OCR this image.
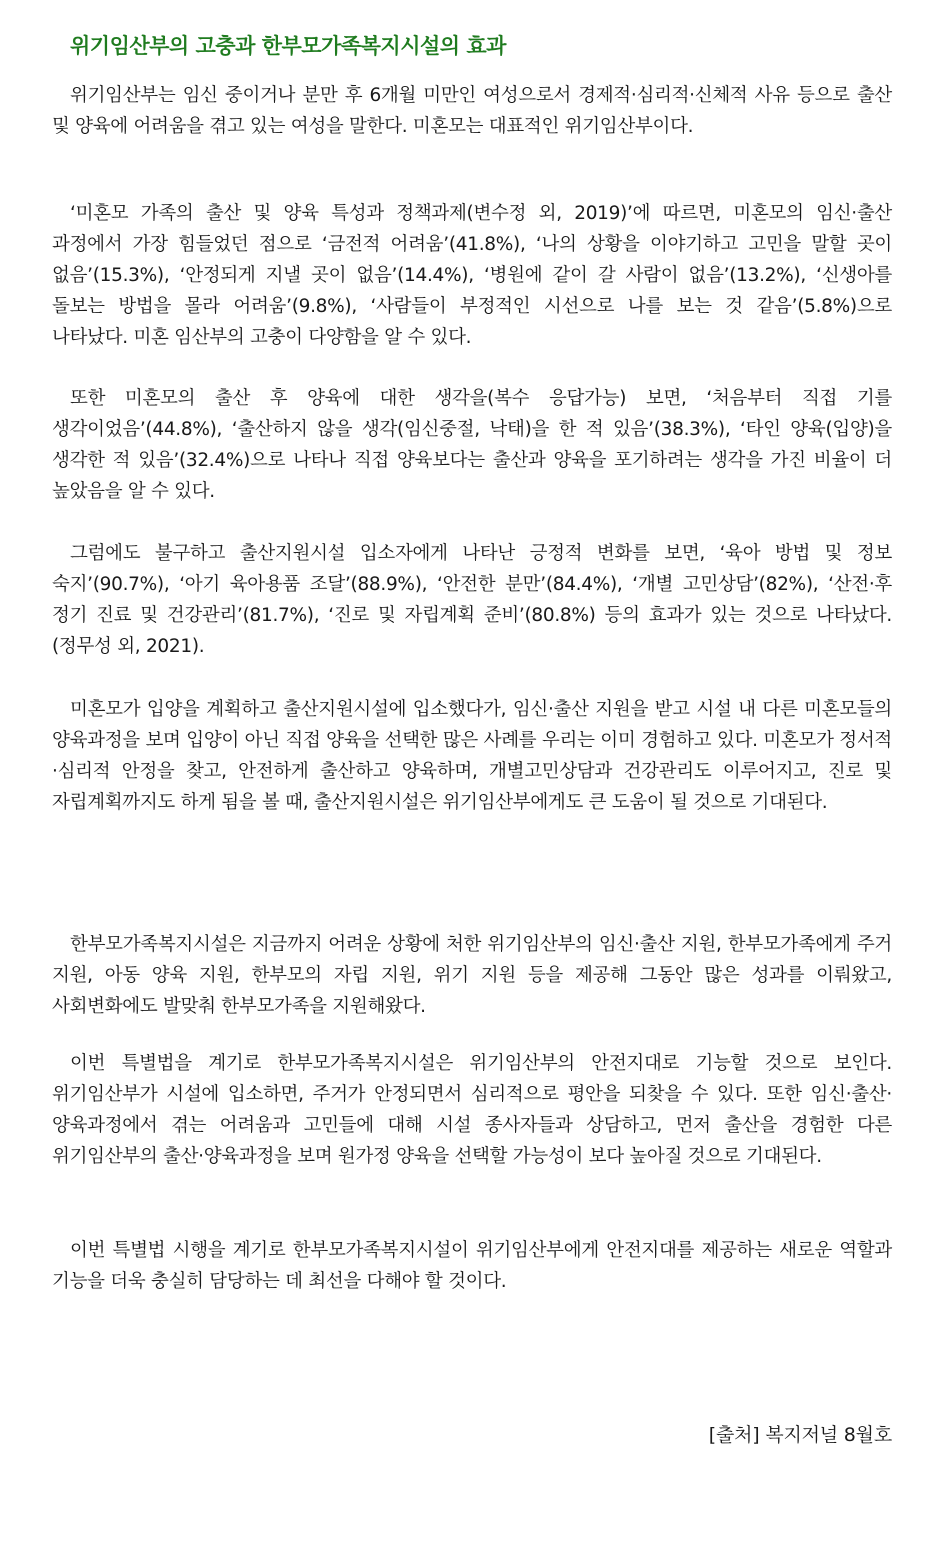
위기임산부의 고충과 한부모가족복지시설의 효과

위기임산부는 임신 중이거나 분만 후 6개월 미만인 여성으로서 경제적·심리적·신체적 사유 등으로 출산 및 양육에 어려움을 겪고 있는 여성을 말한다. 미혼모는 대표적인 위기임산부이다.

‘미혼모 가족의 출산 및 양육 특성과 정책과제(변수정 외, 2019)’에 따르면, 미혼모의 임신·출산 과정에서 가장 힘들었던 점으로 ‘금전적 어려움’(41.8%), ‘나의 상황을 이야기하고 고민을 말할 곳이 없음’(15.3%), ‘안정되게 지낼 곳이 없음’(14.4%), ‘병원에 같이 갈 사람이 없음’(13.2%), ‘신생아를 돌보는 방법을 몰라 어려움’(9.8%), ‘사람들이 부정적인 시선으로 나를 보는 것 같음’(5.8%)으로 나타났다. 미혼 임산부의 고충이 다양함을 알 수 있다.

또한 미혼모의 출산 후 양육에 대한 생각을(복수 응답가능) 보면, ‘처음부터 직접 기를 생각이었음’(44.8%), ‘출산하지 않을 생각(임신중절, 낙태)을 한 적 있음’(38.3%), ‘타인 양육(입양)을 생각한 적 있음’(32.4%)으로 나타나 직접 양육보다는 출산과 양육을 포기하려는 생각을 가진 비율이 더 높았음을 알 수 있다.

그럼에도 불구하고 출산지원시설 입소자에게 나타난 긍정적 변화를 보면, ‘육아 방법 및 정보 숙지’(90.7%), ‘아기 육아용품 조달’(88.9%), ‘안전한 분만’(84.4%), ‘개별 고민상담’(82%), ‘산전·후 정기 진료 및 건강관리’(81.7%), ‘진로 및 자립계획 준비’(80.8%) 등의 효과가 있는 것으로 나타났다.(정무성 외, 2021).

미혼모가 입양을 계획하고 출산지원시설에 입소했다가, 임신·출산 지원을 받고 시설 내 다른 미혼모들의 양육과정을 보며 입양이 아닌 직접 양육을 선택한 많은 사례를 우리는 이미 경험하고 있다. 미혼모가 정서적·심리적 안정을 찾고, 안전하게 출산하고 양육하며, 개별고민상담과 건강관리도 이루어지고, 진로 및 자립계획까지도 하게 됨을 볼 때, 출산지원시설은 위기임산부에게도 큰 도움이 될 것으로 기대된다.

한부모가족복지시설은 지금까지 어려운 상황에 처한 위기임산부의 임신·출산 지원, 한부모가족에게 주거 지원, 아동 양육 지원, 한부모의 자립 지원, 위기 지원 등을 제공해 그동안 많은 성과를 이뤄왔고, 사회변화에도 발맞춰 한부모가족을 지원해왔다.

이번 특별법을 계기로 한부모가족복지시설은 위기임산부의 안전지대로 기능할 것으로 보인다. 위기임산부가 시설에 입소하면, 주거가 안정되면서 심리적으로 평안을 되찾을 수 있다. 또한 임신·출산·양육과정에서 겪는 어려움과 고민들에 대해 시설 종사자들과 상담하고, 먼저 출산을 경험한 다른 위기임산부의 출산·양육과정을 보며 원가정 양육을 선택할 가능성이 보다 높아질 것으로 기대된다.

이번 특별법 시행을 계기로 한부모가족복지시설이 위기임산부에게 안전지대를 제공하는 새로운 역할과 기능을 더욱 충실히 담당하는 데 최선을 다해야 할 것이다.

[출처] 복지저널 8월호
